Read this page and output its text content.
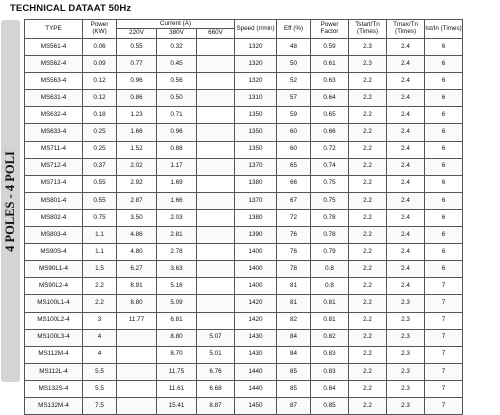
TECHNICAL DATAAT 50Hz
4 POLES - 4 POLI
TYPE	Power (KW)	Current (A)			Speed (r/min)	Eff (%)	Power Factor	Tstart/Tn (Times)	Tmax/Tn (Times)	Ist/In (Times)
		220V	380V	660V						
MS561-4	0.06	0.55	0.32		1320	48	0.59	2.3	2.4	6
MS562-4	0.09	0.77	0.45		1320	50	0.61	2.3	2.4	6
MS563-4	0.12	0.96	0.56		1320	52	0.63	2.2	2.4	6
MS631-4	0.12	0.86	0.50		1310	57	0.64	2.2	2.4	6
MS632-4	0.18	1.23	0.71		1350	59	0.65	2.2	2.4	6
MS633-4	0.25	1.66	0.96		1350	60	0.66	2.2	2.4	6
MS711-4	0.25	1.52	0.88		1350	60	0.72	2.2	2.4	6
MS712-4	0.37	2.02	1.17		1370	65	0.74	2.2	2.4	6
MS713-4	0.55	2.92	1.69		1380	66	0.75	2.2	2.4	6
MS801-4	0.55	2.87	1.66		1370	67	0.75	2.2	2.4	6
MS802-4	0.75	3.50	2.03		1380	72	0.78	2.2	2.4	6
MS803-4	1.1	4.86	2.81		1390	76	0.78	2.2	2.4	6
MS90S-4	1.1	4.80	2.78		1400	76	0.79	2.2	2.4	6
MS90L1-4	1.5	6.27	3.63		1400	78	0.8	2.2	2.4	6
MS90L2-4	2.2	8.91	5.16		1400	81	0.8	2.2	2.4	7
MS100L1-4	2.2	8.80	5.09		1420	81	0.81	2.2	2.3	7
MS100L2-4	3	11.77	6.81		1420	82	0.81	2.2	2.3	7
MS100L3-4	4		8.80	5.07	1430	84	0.82	2.2	2.3	7
MS112M-4	4		8.70	5.01	1430	84	0.83	2.2	2.3	7
MS112L-4	5.5		11.75	6.76	1440	85	0.83	2.2	2.3	7
MS132S-4	5.5		11.61	6.68	1440	85	0.84	2.2	2.3	7
MS132M-4	7.5		15.41	8.87	1450	87	0.85	2.2	2.3	7
